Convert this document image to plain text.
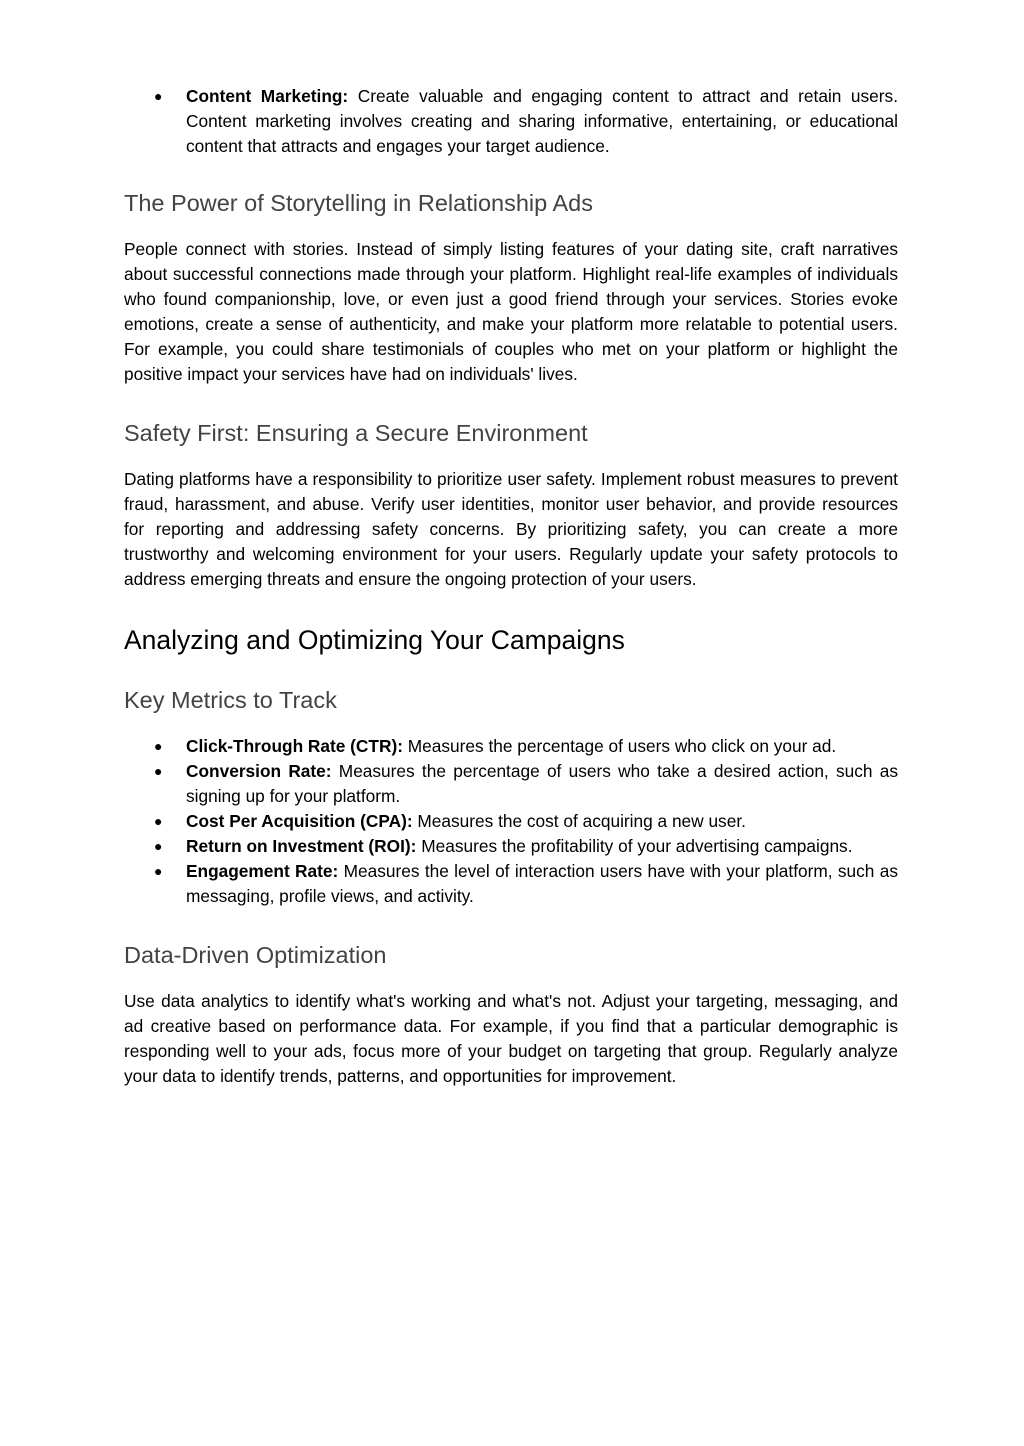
● Content Marketing: Create valuable and engaging content to attract and retain users. Content marketing involves creating and sharing informative, entertaining, or educational content that attracts and engages your target audience.
The Power of Storytelling in Relationship Ads

People connect with stories. Instead of simply listing features of your dating site, craft narratives about successful connections made through your platform. Highlight real-life examples of individuals who found companionship, love, or even just a good friend through your services. Stories evoke emotions, create a sense of authenticity, and make your platform more relatable to potential users. For example, you could share testimonials of couples who met on your platform or highlight the positive impact your services have had on individuals' lives.

Safety First: Ensuring a Secure Environment

Dating platforms have a responsibility to prioritize user safety. Implement robust measures to prevent fraud, harassment, and abuse. Verify user identities, monitor user behavior, and provide resources for reporting and addressing safety concerns. By prioritizing safety, you can create a more trustworthy and welcoming environment for your users. Regularly update your safety protocols to address emerging threats and ensure the ongoing protection of your users.

Analyzing and Optimizing Your Campaigns
Key Metrics to Track
● Click-Through Rate (CTR): Measures the percentage of users who click on your ad.
● Conversion Rate: Measures the percentage of users who take a desired action, such as signing up for your platform.
● Cost Per Acquisition (CPA): Measures the cost of acquiring a new user.
● Return on Investment (ROI): Measures the profitability of your advertising campaigns.
● Engagement Rate: Measures the level of interaction users have with your platform, such as messaging, profile views, and activity.
Data-Driven Optimization

Use data analytics to identify what's working and what's not. Adjust your targeting, messaging, and ad creative based on performance data. For example, if you find that a particular demographic is responding well to your ads, focus more of your budget on targeting that group. Regularly analyze your data to identify trends, patterns, and opportunities for improvement.
